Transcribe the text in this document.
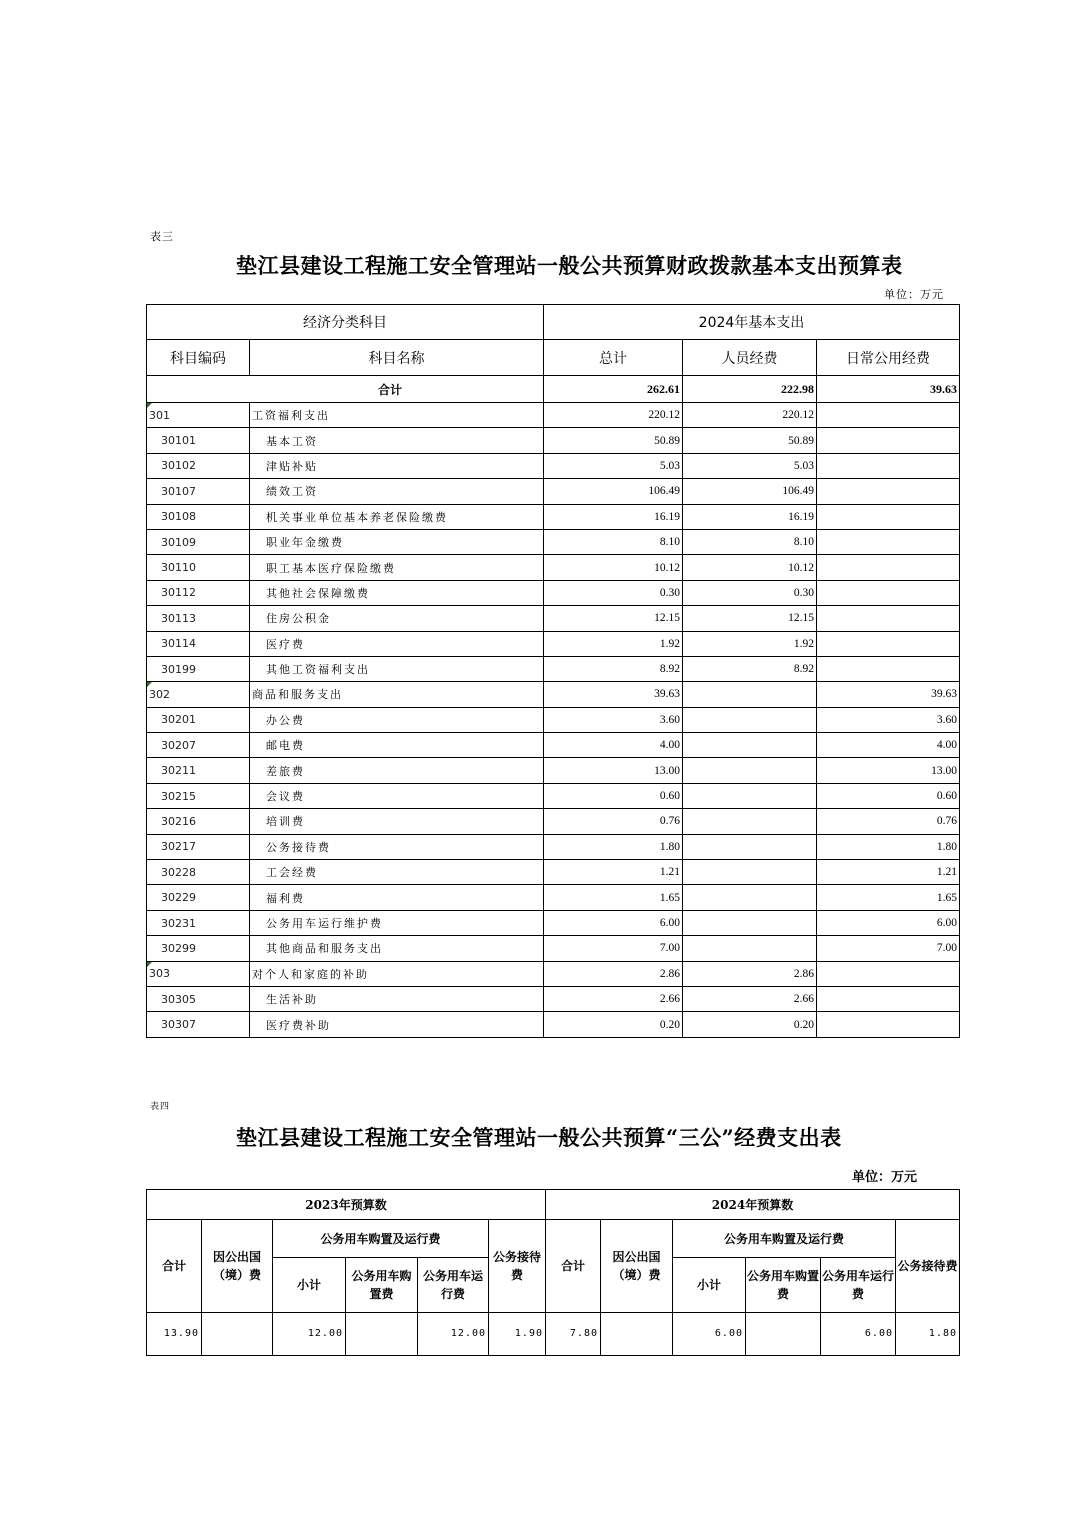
表三
垫江县建设工程施工安全管理站一般公共预算财政拨款基本支出预算表
单位：万元
经济分类科目		2024年基本支出		
科目编码	科目名称	总计	人员经费	日常公用经费
合计		262.61	222.98	39.63
301	工资福利支出	220.12	220.12	
30101	基本工资	50.89	50.89	
30102	津贴补贴	5.03	5.03	
30107	绩效工资	106.49	106.49	
30108	机关事业单位基本养老保险缴费	16.19	16.19	
30109	职业年金缴费	8.10	8.10	
30110	职工基本医疗保险缴费	10.12	10.12	
30112	其他社会保障缴费	0.30	0.30	
30113	住房公积金	12.15	12.15	
30114	医疗费	1.92	1.92	
30199	其他工资福利支出	8.92	8.92	
302	商品和服务支出	39.63		39.63
30201	办公费	3.60		3.60
30207	邮电费	4.00		4.00
30211	差旅费	13.00		13.00
30215	会议费	0.60		0.60
30216	培训费	0.76		0.76
30217	公务接待费	1.80		1.80
30228	工会经费	1.21		1.21
30229	福利费	1.65		1.65
30231	公务用车运行维护费	6.00		6.00
30299	其他商品和服务支出	7.00		7.00
303	对个人和家庭的补助	2.86	2.86	
30305	生活补助	2.66	2.66	
30307	医疗费补助	0.20	0.20	
表四
垫江县建设工程施工安全管理站一般公共预算“三公”经费支出表
单位：万元
2023年预算数						2024年预算数					
合计	因公出国（境）费	公务用车购置及运行费			公务接待费	合计	因公出国（境）费	公务用车购置及运行费			公务接待费
		小计	公务用车购置费	公务用车运行费				小计	公务用车购置费	公务用车运行费	
13.90		12.00		12.00	1.90	7.80		6.00		6.00	1.80
